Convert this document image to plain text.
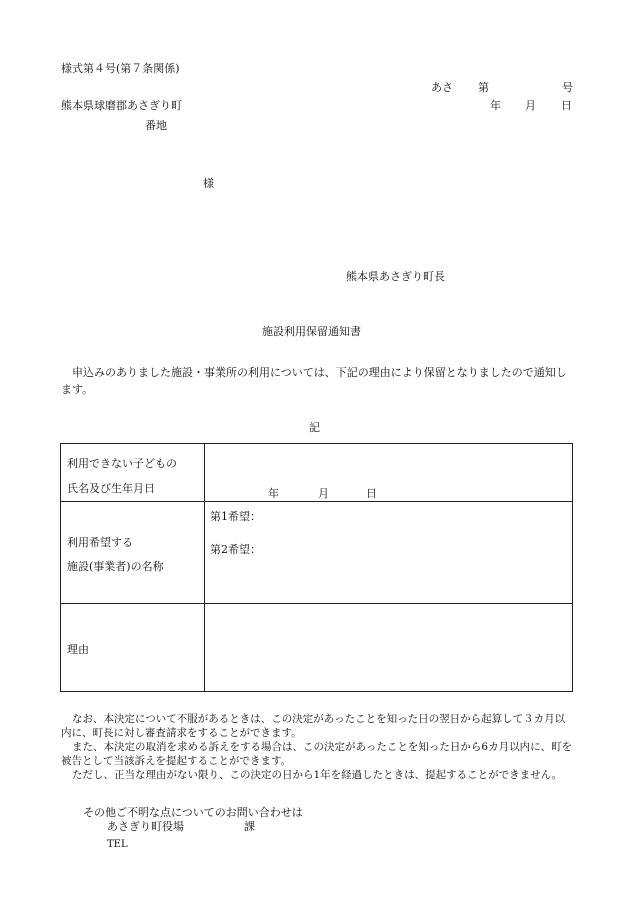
様式第４号(第７条関係)
あさ 第	号
熊本県球磨郡あさぎり町	年 月 日
番地
様
熊本県あさぎり町長
施設利用保留通知書
申込みのありました施設・事業所の利用については、下記の理由により保留となりましたので通知します。
記
利用できない子どもの
氏名及び生年月日	年 月 日

利用希望する
施設(事業者)の名称	第1希望：
第2希望：

理由	

なお、本決定について不服があるときは、この決定があったことを知った日の翌日から起算して３カ月以内に、町長に対し審査請求をすることができます。
また、本決定の取消を求める訴えをする場合は、この決定があったことを知った日から6カ月以内に、町を被告として当該訴えを提起することができます。
ただし、正当な理由がない限り、この決定の日から1年を経過したときは、提起することができません。
その他ご不明な点についてのお問い合わせは
あさぎり町役場	課
TEL
